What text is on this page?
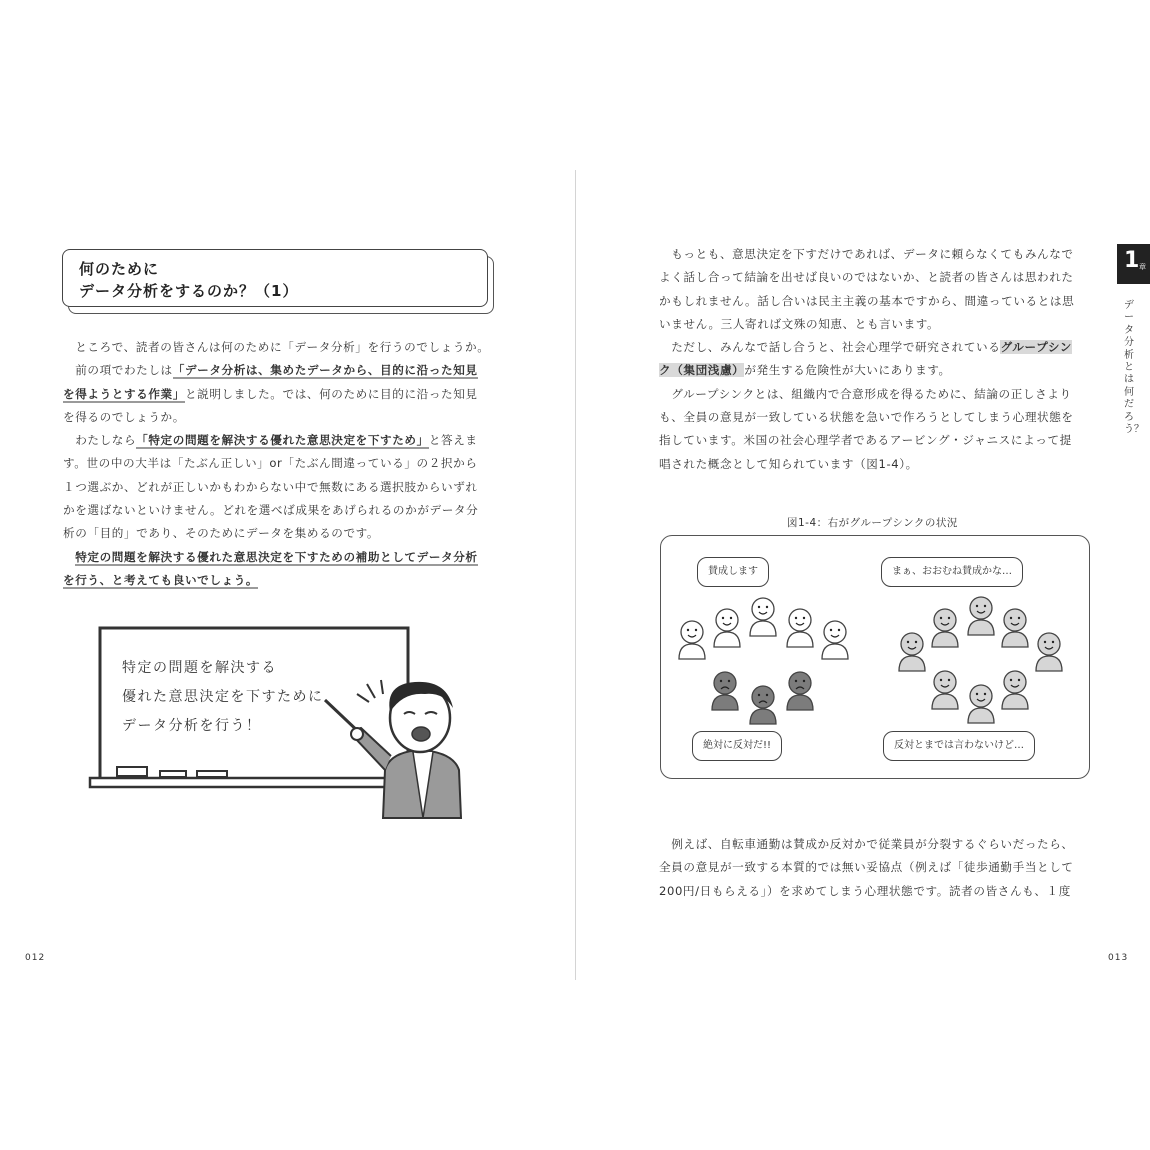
何のために
データ分析をするのか？（1）
　ところで、読者の皆さんは何のために「データ分析」を行うのでしょうか。
　前の項でわたしは「データ分析は、集めたデータから、目的に沿った知見
を得ようとする作業」と説明しました。では、何のために目的に沿った知見
を得るのでしょうか。
　わたしなら「特定の問題を解決する優れた意思決定を下すため」と答えま
す。世の中の大半は「たぶん正しい」or「たぶん間違っている」の２択から
１つ選ぶか、どれが正しいかもわからない中で無数にある選択肢からいずれ
かを選ばないといけません。どれを選べば成果をあげられるのかがデータ分
析の「目的」であり、そのためにデータを集めるのです。
　特定の問題を解決する優れた意思決定を下すための補助としてデータ分析
を行う、と考えても良いでしょう。
特定の問題を解決する
優れた意思決定を下すために
データ分析を行う！
012
1 章
データ分析とは何だろう？
　もっとも、意思決定を下すだけであれば、データに頼らなくてもみんなで
よく話し合って結論を出せば良いのではないか、と読者の皆さんは思われた
かもしれません。話し合いは民主主義の基本ですから、間違っているとは思
いません。三人寄れば文殊の知恵、とも言います。
　ただし、みんなで話し合うと、社会心理学で研究されているグループシン
ク（集団浅慮）が発生する危険性が大いにあります。
　グループシンクとは、組織内で合意形成を得るために、結論の正しさより
も、全員の意見が一致している状態を急いで作ろうとしてしまう心理状態を
指しています。米国の社会心理学者であるアービング・ジャニスによって提
唱された概念として知られています（図1-4）。
図1-4：右がグループシンクの状況
賛成します	まぁ、おおむね賛成かな…
絶対に反対だ!!	反対とまでは言わないけど…
　例えば、自転車通勤は賛成か反対かで従業員が分裂するぐらいだったら、
全員の意見が一致する本質的では無い妥協点（例えば「徒歩通勤手当として
200円/日もらえる」）を求めてしまう心理状態です。読者の皆さんも、１度
013
